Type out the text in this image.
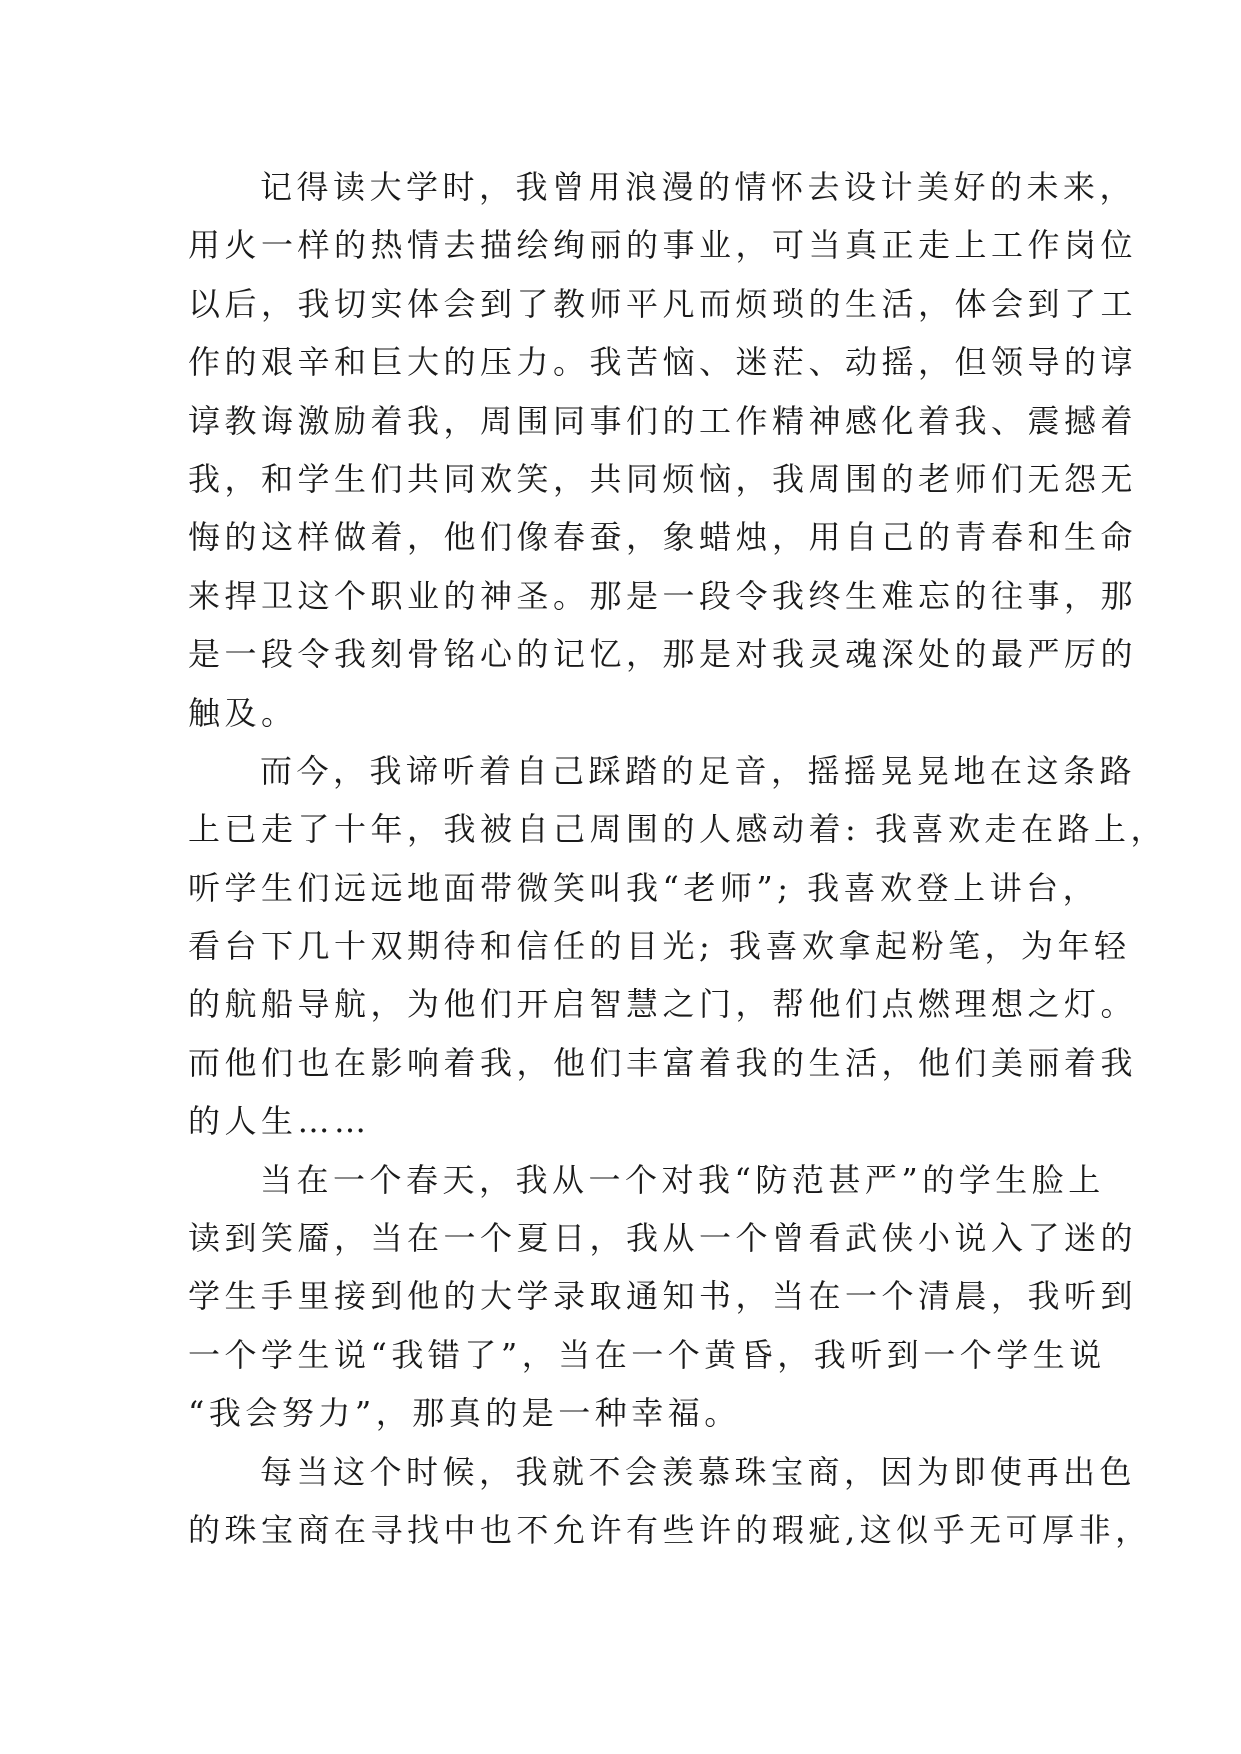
记得读大学时，我曾用浪漫的情怀去设计美好的未来，
用火一样的热情去描绘绚丽的事业，可当真正走上工作岗位
以后，我切实体会到了教师平凡而烦琐的生活，体会到了工
作的艰辛和巨大的压力。我苦恼、迷茫、动摇，但领导的谆
谆教诲激励着我，周围同事们的工作精神感化着我、震撼着
我，和学生们共同欢笑，共同烦恼，我周围的老师们无怨无
悔的这样做着，他们像春蚕，象蜡烛，用自己的青春和生命
来捍卫这个职业的神圣。那是一段令我终生难忘的往事，那
是一段令我刻骨铭心的记忆，那是对我灵魂深处的最严厉的
触及。

而今，我谛听着自己踩踏的足音，摇摇晃晃地在这条路
上已走了十年，我被自己周围的人感动着: 我喜欢走在路上，
听学生们远远地面带微笑叫我“老师”; 我喜欢登上讲台，
看台下几十双期待和信任的目光; 我喜欢拿起粉笔，为年轻
的航船导航，为他们开启智慧之门，帮他们点燃理想之灯。
而他们也在影响着我，他们丰富着我的生活，他们美丽着我
的人生……

当在一个春天，我从一个对我“防范甚严”的学生脸上
读到笑靥，当在一个夏日，我从一个曾看武侠小说入了迷的
学生手里接到他的大学录取通知书，当在一个清晨，我听到
一个学生说“我错了”，当在一个黄昏，我听到一个学生说
“我会努力”，那真的是一种幸福。

每当这个时候，我就不会羡慕珠宝商，因为即使再出色
的珠宝商在寻找中也不允许有些许的瑕疵,这似乎无可厚非，
